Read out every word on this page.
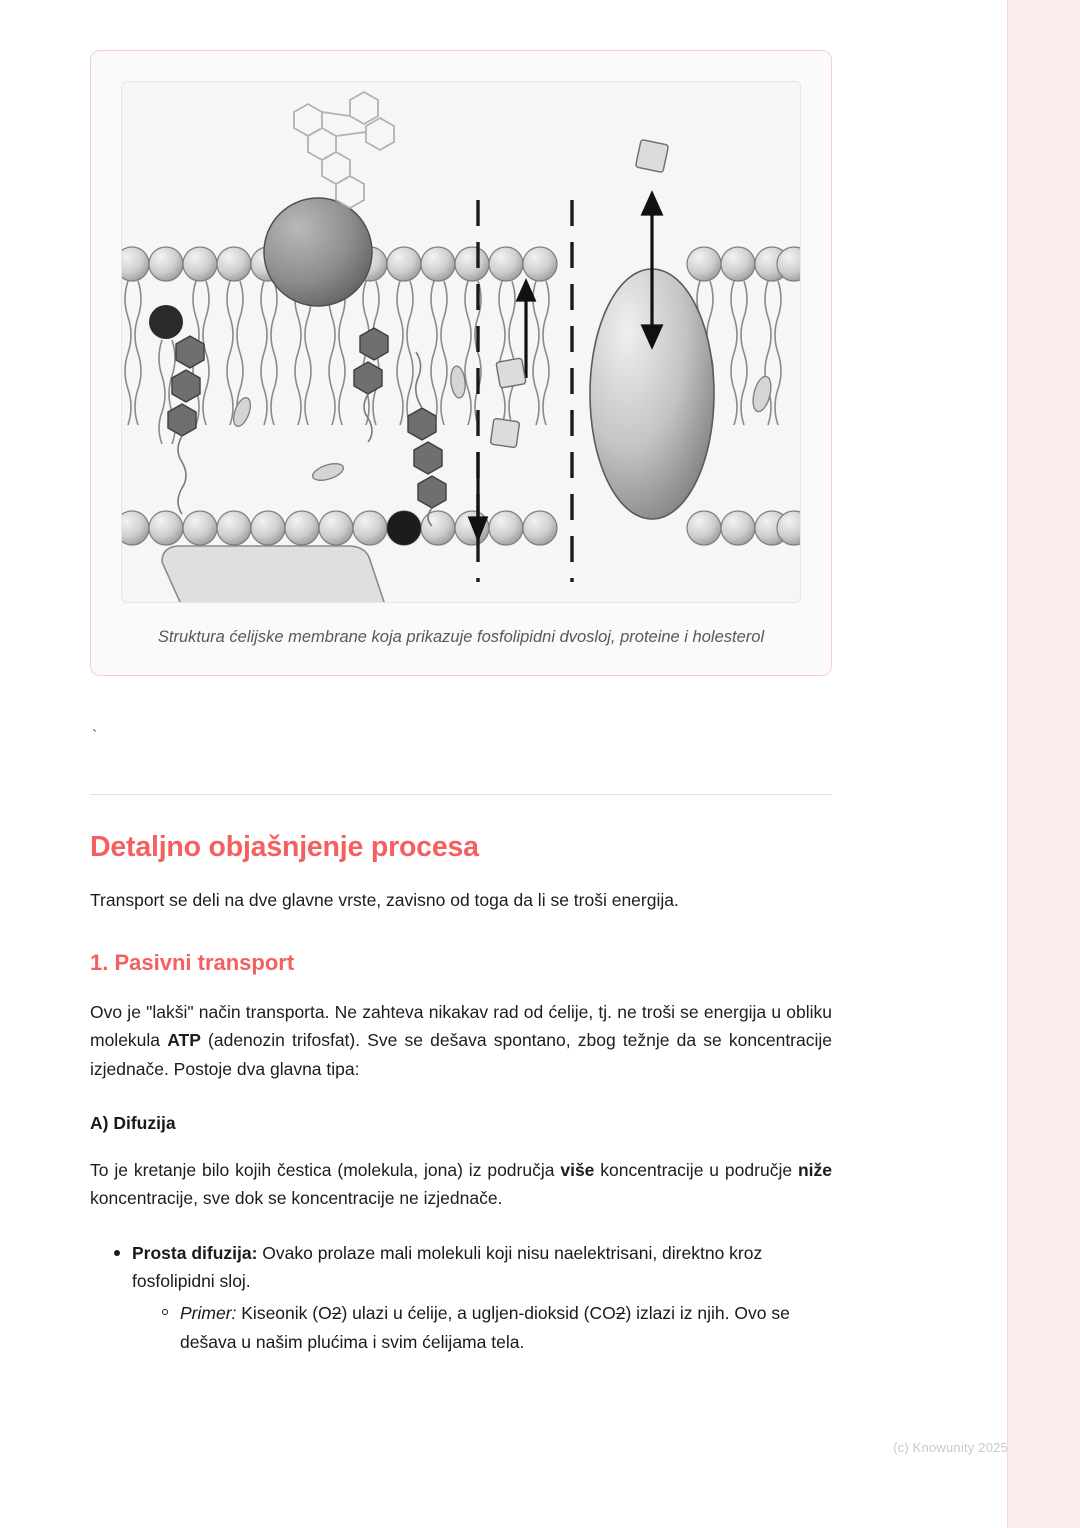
Struktura ćelijske membrane koja prikazuje fosfolipidni dvosloj, proteine i holesterol
`
Detaljno objašnjenje procesa

Transport se deli na dve glavne vrste, zavisno od toga da li se troši energija.

1. Pasivni transport

Ovo je "lakši" način transporta. Ne zahteva nikakav rad od ćelije, tj. ne troši se energija u obliku molekula ATP (adenozin trifosfat). Sve se dešava spontano, zbog težnje da se koncentracije izjednače. Postoje dva glavna tipa:

A) Difuzija

To je kretanje bilo kojih čestica (molekula, jona) iz područja više koncentracije u područje niže koncentracije, sve dok se koncentracije ne izjednače.

Prosta difuzija: Ovako prolaze mali molekuli koji nisu naelektrisani, direktno kroz fosfolipidni sloj.
Primer: Kiseonik (O2) ulazi u ćelije, a ugljen-dioksid (CO2) izlazi iz njih. Ovo se dešava u našim plućima i svim ćelijama tela.
(c) Knowunity 2025
